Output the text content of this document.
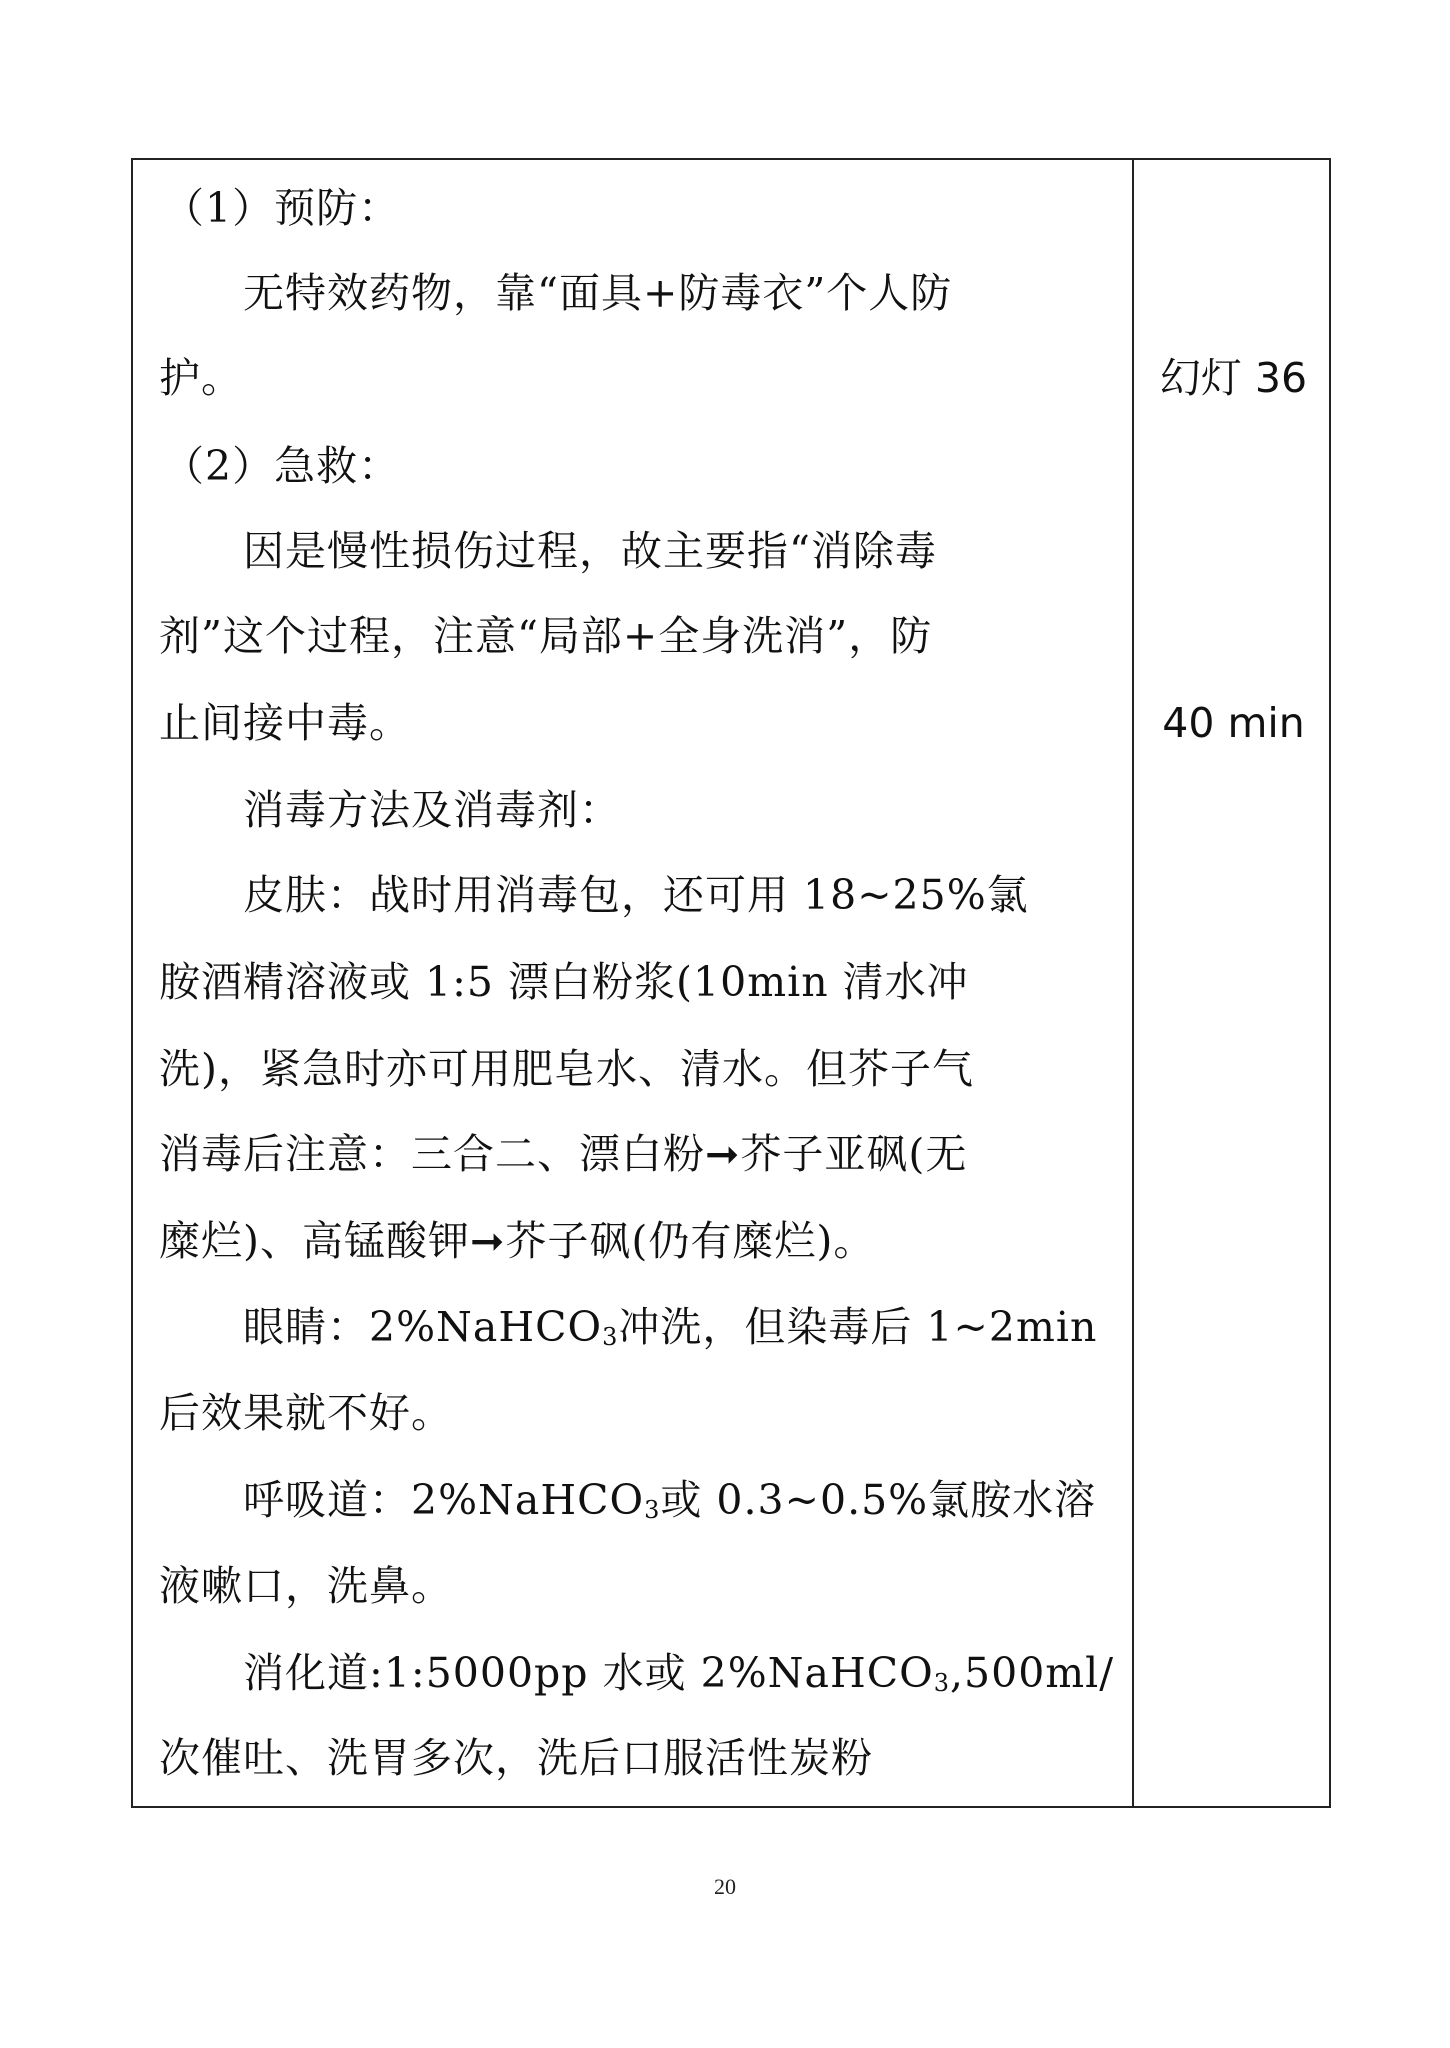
（1）预防：
无特效药物，靠“面具+防毒衣”个人防
护。
（2）急救：
因是慢性损伤过程，故主要指“消除毒
剂”这个过程，注意“局部+全身洗消”，防
止间接中毒。
消毒方法及消毒剂：
皮肤：战时用消毒包，还可用 18~25%氯
胺酒精溶液或 1:5 漂白粉浆(10min 清水冲
洗)，紧急时亦可用肥皂水、清水。但芥子气
消毒后注意：三合二、漂白粉➞芥子亚砜(无
糜烂)、高锰酸钾➞芥子砜(仍有糜烂)。
眼睛：2%NaHCO$_3$冲洗，但染毒后 1~2min
后效果就不好。
呼吸道：2%NaHCO$_3$或 0.3~0.5%氯胺水溶
液嗽口，洗鼻。
消化道:1:5000pp 水或 2%NaHCO$_3$,500ml/
次催吐、洗胃多次，洗后口服活性炭粉
幻灯 36
40 min
20
